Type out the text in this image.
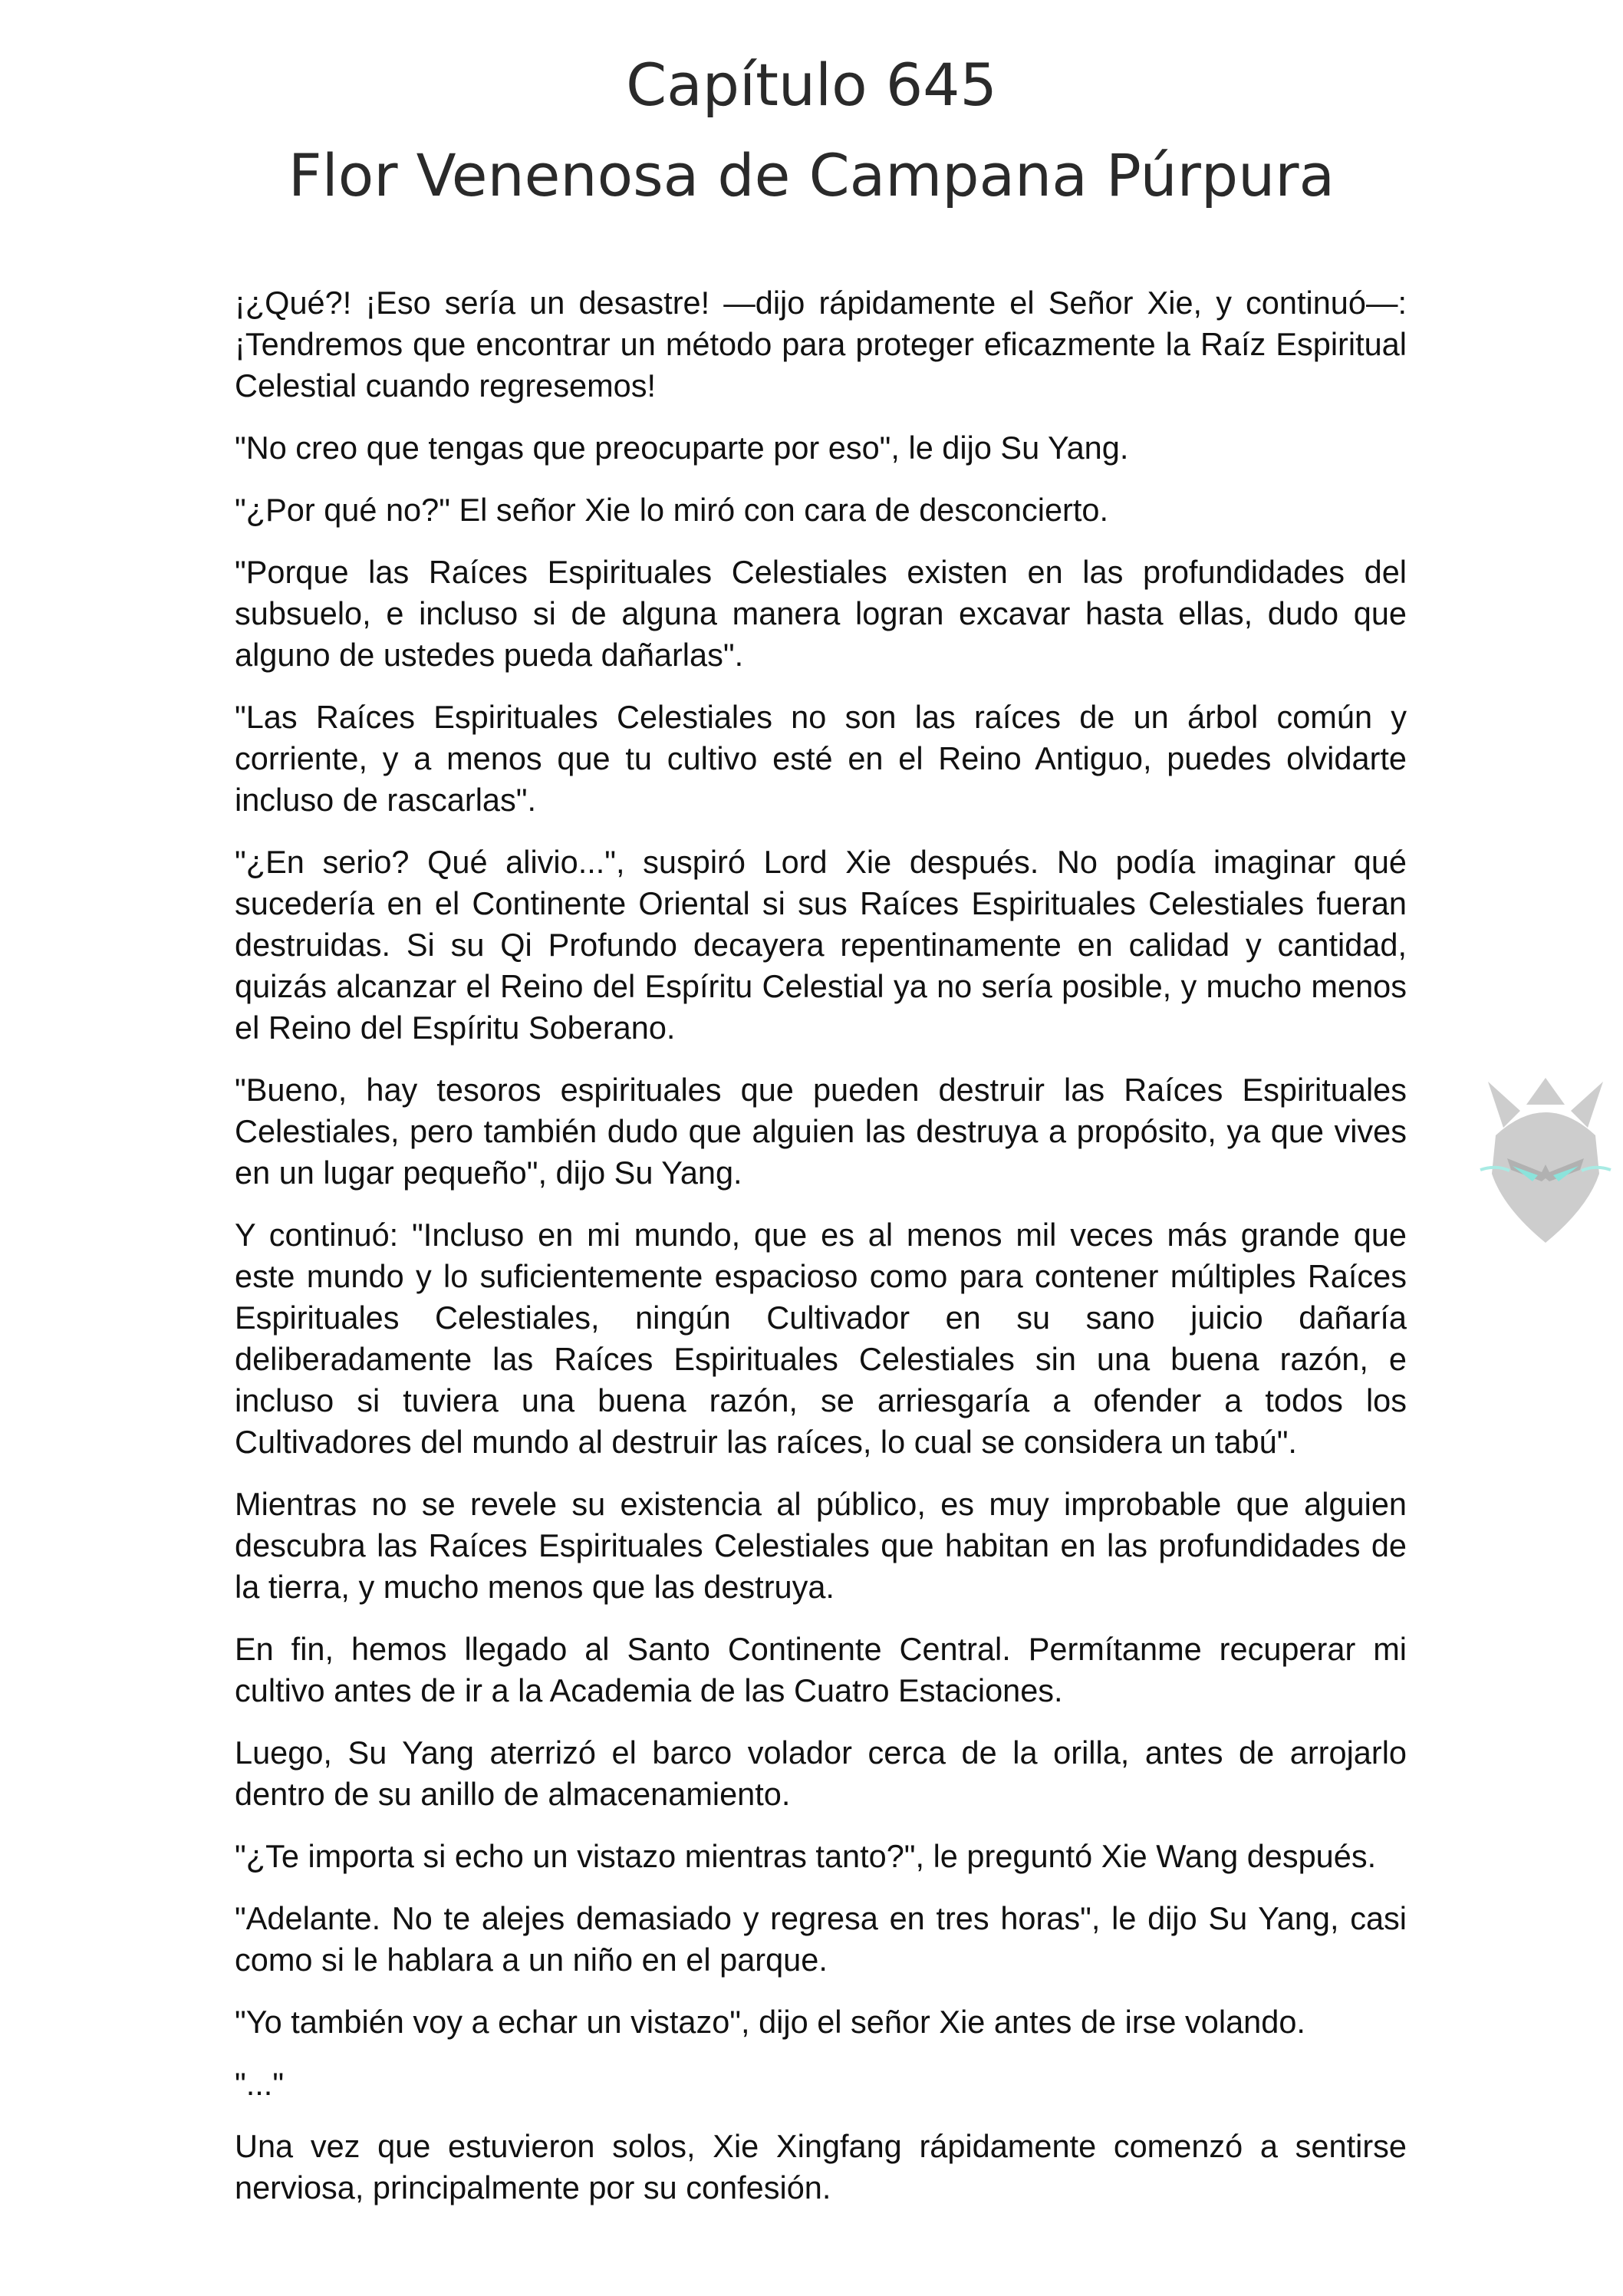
Capítulo 645
Flor Venenosa de Campana Púrpura

¡¿Qué?! ¡Eso sería un desastre! —dijo rápidamente el Señor Xie, y continuó—: ¡Tendremos que encontrar un método para proteger eficazmente la Raíz Espiritual Celestial cuando regresemos!

"No creo que tengas que preocuparte por eso", le dijo Su Yang.

"¿Por qué no?" El señor Xie lo miró con cara de desconcierto.

"Porque las Raíces Espirituales Celestiales existen en las profundidades del subsuelo, e incluso si de alguna manera logran excavar hasta ellas, dudo que alguno de ustedes pueda dañarlas".

"Las Raíces Espirituales Celestiales no son las raíces de un árbol común y corriente, y a menos que tu cultivo esté en el Reino Antiguo, puedes olvidarte incluso de rascarlas".

"¿En serio? Qué alivio...", suspiró Lord Xie después. No podía imaginar qué sucedería en el Continente Oriental si sus Raíces Espirituales Celestiales fueran destruidas. Si su Qi Profundo decayera repentinamente en calidad y cantidad, quizás alcanzar el Reino del Espíritu Celestial ya no sería posible, y mucho menos el Reino del Espíritu Soberano.

"Bueno, hay tesoros espirituales que pueden destruir las Raíces Espirituales Celestiales, pero también dudo que alguien las destruya a propósito, ya que vives en un lugar pequeño", dijo Su Yang.

Y continuó: "Incluso en mi mundo, que es al menos mil veces más grande que este mundo y lo suficientemente espacioso como para contener múltiples Raíces Espirituales Celestiales, ningún Cultivador en su sano juicio dañaría deliberadamente las Raíces Espirituales Celestiales sin una buena razón, e incluso si tuviera una buena razón, se arriesgaría a ofender a todos los Cultivadores del mundo al destruir las raíces, lo cual se considera un tabú".

Mientras no se revele su existencia al público, es muy improbable que alguien descubra las Raíces Espirituales Celestiales que habitan en las profundidades de la tierra, y mucho menos que las destruya.

En fin, hemos llegado al Santo Continente Central. Permítanme recuperar mi cultivo antes de ir a la Academia de las Cuatro Estaciones.

Luego, Su Yang aterrizó el barco volador cerca de la orilla, antes de arrojarlo dentro de su anillo de almacenamiento.

"¿Te importa si echo un vistazo mientras tanto?", le preguntó Xie Wang después.

"Adelante. No te alejes demasiado y regresa en tres horas", le dijo Su Yang, casi como si le hablara a un niño en el parque.

"Yo también voy a echar un vistazo", dijo el señor Xie antes de irse volando.

"..."

Una vez que estuvieron solos, Xie Xingfang rápidamente comenzó a sentirse nerviosa, principalmente por su confesión.
